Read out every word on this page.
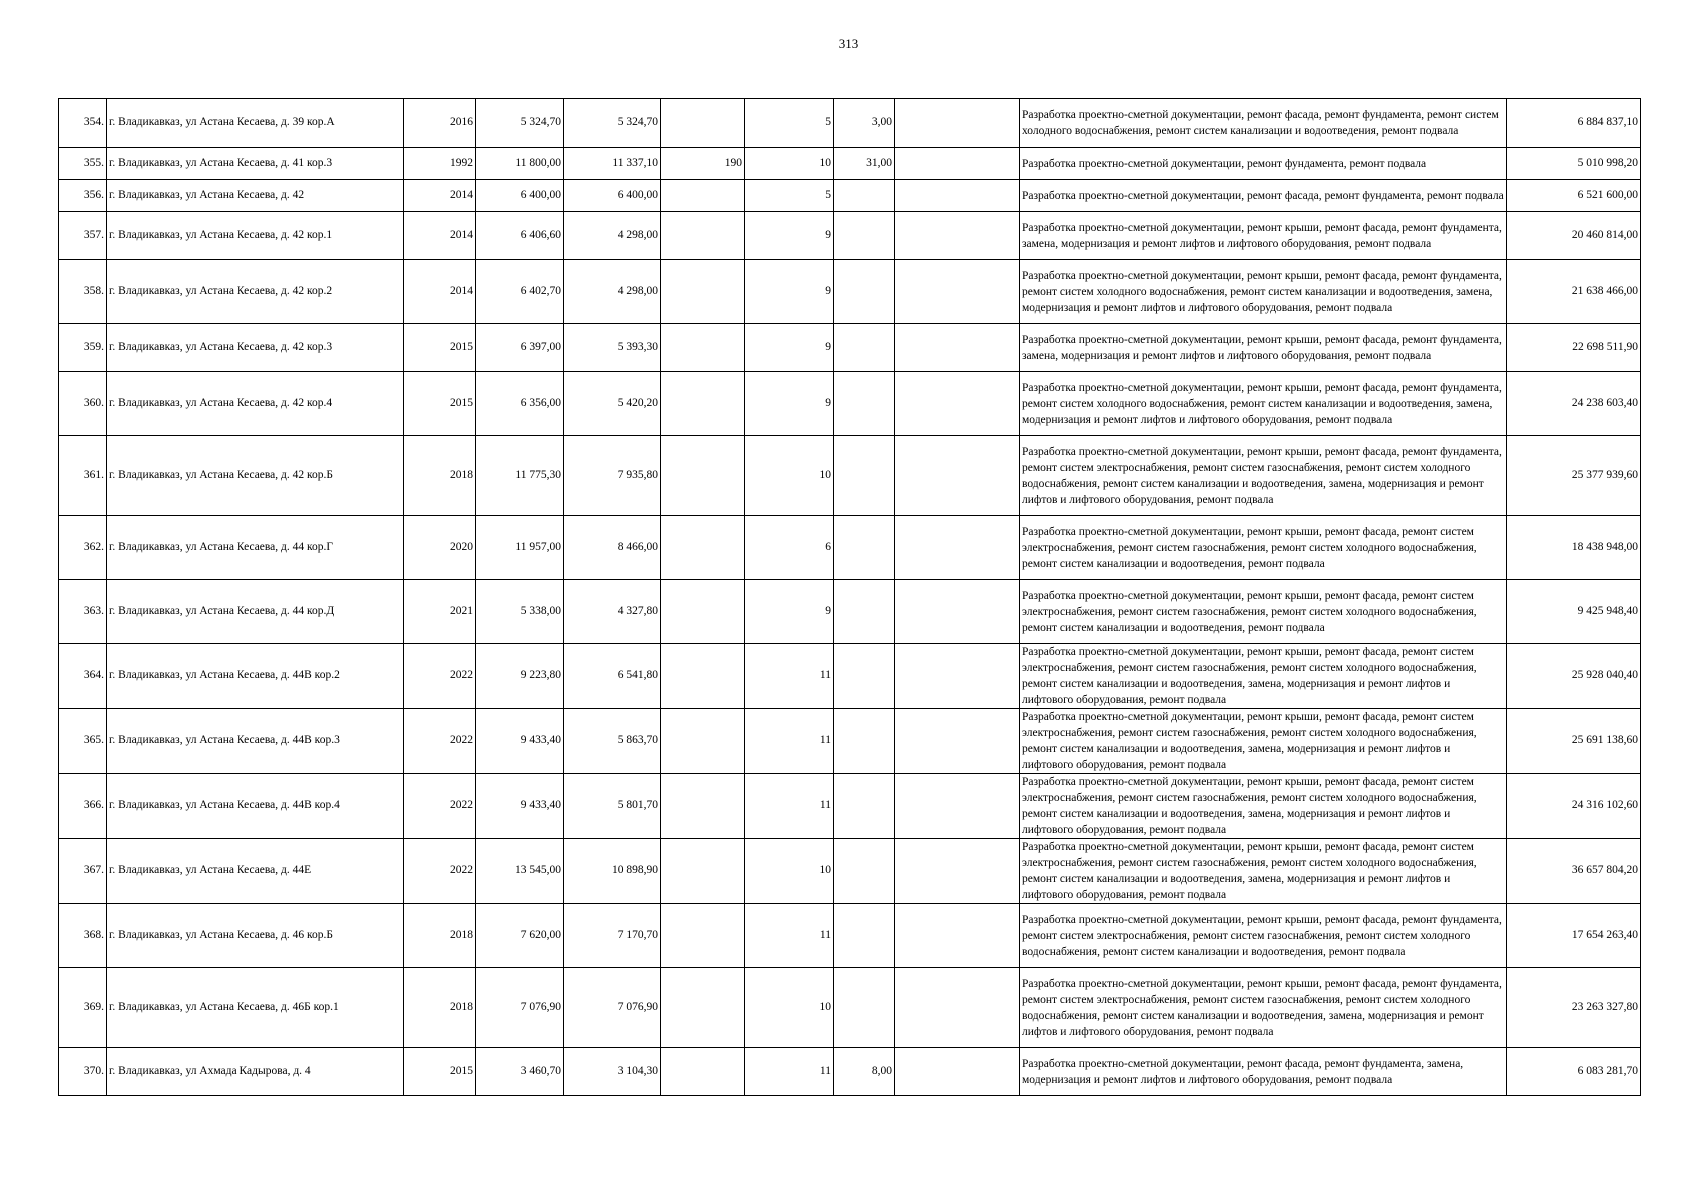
313
354.	г. Владикавказ, ул Астана Кесаева, д. 39 кор.А	2016	5 324,70	5 324,70		5	3,00		Разработка проектно-сметной документации, ремонт фасада, ремонт фундамента, ремонт систем холодного водоснабжения, ремонт систем канализации и водоотведения, ремонт подвала	6 884 837,10
355.	г. Владикавказ, ул Астана Кесаева, д. 41 кор.3	1992	11 800,00	11 337,10	190	10	31,00		Разработка проектно-сметной документации, ремонт фундамента, ремонт подвала	5 010 998,20
356.	г. Владикавказ, ул Астана Кесаева, д. 42	2014	6 400,00	6 400,00		5			Разработка проектно-сметной документации, ремонт фасада, ремонт фундамента, ремонт подвала	6 521 600,00
357.	г. Владикавказ, ул Астана Кесаева, д. 42 кор.1	2014	6 406,60	4 298,00		9			Разработка проектно-сметной документации, ремонт крыши, ремонт фасада, ремонт фундамента, замена, модернизация и ремонт лифтов и лифтового оборудования, ремонт подвала	20 460 814,00
358.	г. Владикавказ, ул Астана Кесаева, д. 42 кор.2	2014	6 402,70	4 298,00		9			Разработка проектно-сметной документации, ремонт крыши, ремонт фасада, ремонт фундамента, ремонт систем холодного водоснабжения, ремонт систем канализации и водоотведения, замена, модернизация и ремонт лифтов и лифтового оборудования, ремонт подвала	21 638 466,00
359.	г. Владикавказ, ул Астана Кесаева, д. 42 кор.3	2015	6 397,00	5 393,30		9			Разработка проектно-сметной документации, ремонт крыши, ремонт фасада, ремонт фундамента, замена, модернизация и ремонт лифтов и лифтового оборудования, ремонт подвала	22 698 511,90
360.	г. Владикавказ, ул Астана Кесаева, д. 42 кор.4	2015	6 356,00	5 420,20		9			Разработка проектно-сметной документации, ремонт крыши, ремонт фасада, ремонт фундамента, ремонт систем холодного водоснабжения, ремонт систем канализации и водоотведения, замена, модернизация и ремонт лифтов и лифтового оборудования, ремонт подвала	24 238 603,40
361.	г. Владикавказ, ул Астана Кесаева, д. 42 кор.Б	2018	11 775,30	7 935,80		10			Разработка проектно-сметной документации, ремонт крыши, ремонт фасада, ремонт фундамента, ремонт систем электроснабжения, ремонт систем газоснабжения, ремонт систем холодного водоснабжения, ремонт систем канализации и водоотведения, замена, модернизация и ремонт лифтов и лифтового оборудования, ремонт подвала	25 377 939,60
362.	г. Владикавказ, ул Астана Кесаева, д. 44 кор.Г	2020	11 957,00	8 466,00		6			Разработка проектно-сметной документации, ремонт крыши, ремонт фасада, ремонт систем электроснабжения, ремонт систем газоснабжения, ремонт систем холодного водоснабжения, ремонт систем канализации и водоотведения, ремонт подвала	18 438 948,00
363.	г. Владикавказ, ул Астана Кесаева, д. 44 кор.Д	2021	5 338,00	4 327,80		9			Разработка проектно-сметной документации, ремонт крыши, ремонт фасада, ремонт систем электроснабжения, ремонт систем газоснабжения, ремонт систем холодного водоснабжения, ремонт систем канализации и водоотведения, ремонт подвала	9 425 948,40
364.	г. Владикавказ, ул Астана Кесаева, д. 44В кор.2	2022	9 223,80	6 541,80		11			Разработка проектно-сметной документации, ремонт крыши, ремонт фасада, ремонт систем электроснабжения, ремонт систем газоснабжения, ремонт систем холодного водоснабжения, ремонт систем канализации и водоотведения, замена, модернизация и ремонт лифтов и лифтового оборудования, ремонт подвала	25 928 040,40
365.	г. Владикавказ, ул Астана Кесаева, д. 44В кор.3	2022	9 433,40	5 863,70		11			Разработка проектно-сметной документации, ремонт крыши, ремонт фасада, ремонт систем электроснабжения, ремонт систем газоснабжения, ремонт систем холодного водоснабжения, ремонт систем канализации и водоотведения, замена, модернизация и ремонт лифтов и лифтового оборудования, ремонт подвала	25 691 138,60
366.	г. Владикавказ, ул Астана Кесаева, д. 44В кор.4	2022	9 433,40	5 801,70		11			Разработка проектно-сметной документации, ремонт крыши, ремонт фасада, ремонт систем электроснабжения, ремонт систем газоснабжения, ремонт систем холодного водоснабжения, ремонт систем канализации и водоотведения, замена, модернизация и ремонт лифтов и лифтового оборудования, ремонт подвала	24 316 102,60
367.	г. Владикавказ, ул Астана Кесаева, д. 44Е	2022	13 545,00	10 898,90		10			Разработка проектно-сметной документации, ремонт крыши, ремонт фасада, ремонт систем электроснабжения, ремонт систем газоснабжения, ремонт систем холодного водоснабжения, ремонт систем канализации и водоотведения, замена, модернизация и ремонт лифтов и лифтового оборудования, ремонт подвала	36 657 804,20
368.	г. Владикавказ, ул Астана Кесаева, д. 46 кор.Б	2018	7 620,00	7 170,70		11			Разработка проектно-сметной документации, ремонт крыши, ремонт фасада, ремонт фундамента, ремонт систем электроснабжения, ремонт систем газоснабжения, ремонт систем холодного водоснабжения, ремонт систем канализации и водоотведения, ремонт подвала	17 654 263,40
369.	г. Владикавказ, ул Астана Кесаева, д. 46Б кор.1	2018	7 076,90	7 076,90		10			Разработка проектно-сметной документации, ремонт крыши, ремонт фасада, ремонт фундамента, ремонт систем электроснабжения, ремонт систем газоснабжения, ремонт систем холодного водоснабжения, ремонт систем канализации и водоотведения, замена, модернизация и ремонт лифтов и лифтового оборудования, ремонт подвала	23 263 327,80
370.	г. Владикавказ, ул Ахмада Кадырова, д. 4	2015	3 460,70	3 104,30		11	8,00		Разработка проектно-сметной документации, ремонт фасада, ремонт фундамента, замена, модернизация и ремонт лифтов и лифтового оборудования, ремонт подвала	6 083 281,70
